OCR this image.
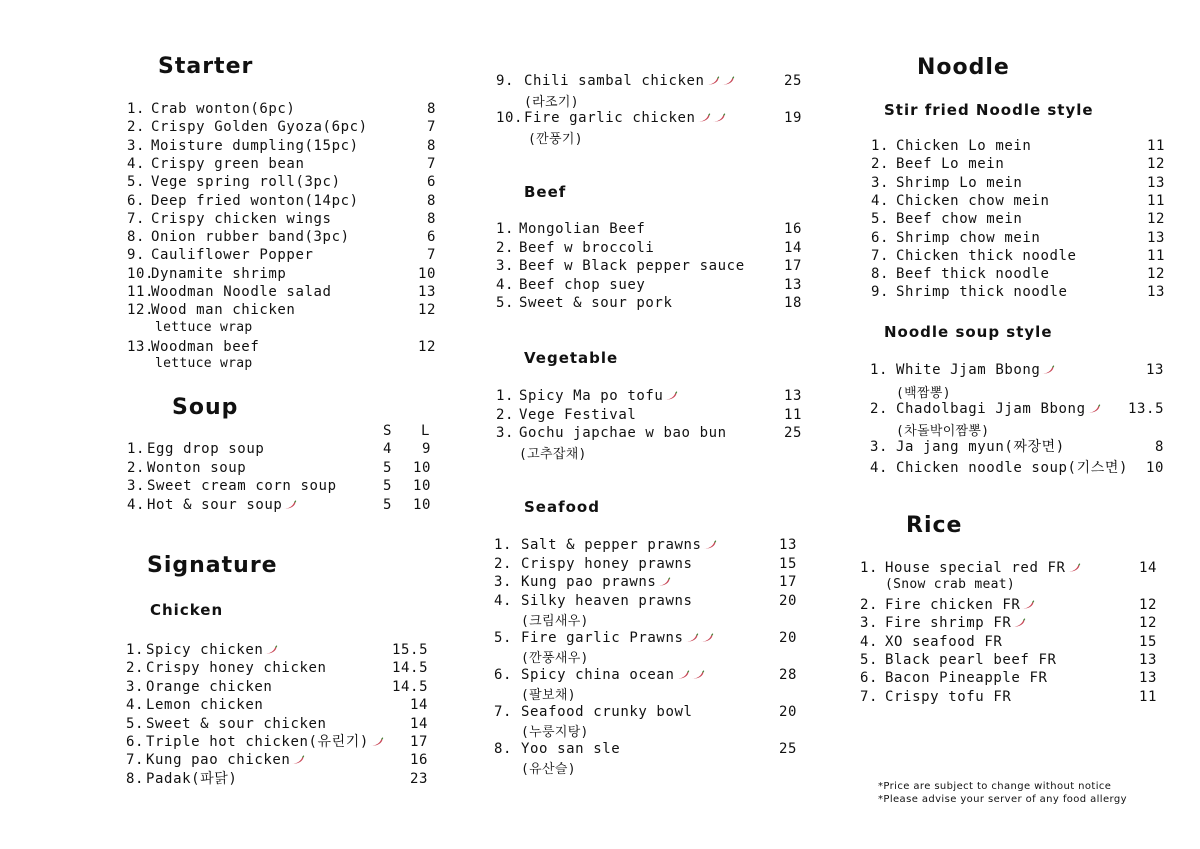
Starter
Soup
S L
Signature
Chicken
Beef
Vegetable
Seafood
Noodle
Stir fried Noodle style
Noodle soup style
Rice
*Price are subject to change without notice
*Please advise your server of any food allergy
1. Crab wonton(6pc)	8
2. Crispy Golden Gyoza(6pc)	7
3. Moisture dumpling(15pc)	8
4. Crispy green bean	7
5. Vege spring roll(3pc)	6
6. Deep fried wonton(14pc)	8
7. Crispy chicken wings	8
8. Onion rubber band(3pc)	6
9. Cauliflower Popper	7
10.Dynamite shrimp	10
11.Woodman Noodle salad	13
12.Wood man chicken	12
lettuce wrap
13.Woodman beef	12
lettuce wrap
1. Egg drop soup	4 9
2. Wonton soup	5 10
3. Sweet cream corn soup	5 10
4. Hot & sour soup	5 10
1. Spicy chicken	15.5
2. Crispy honey chicken	14.5
3. Orange chicken	14.5
4. Lemon chicken	14
5. Sweet & sour chicken	14
6. Triple hot chicken(유린기)	17
7. Kung pao chicken	16
8. Padak(파닭)	23
9. Chili sambal chicken	25
(라조기)
10.Fire garlic chicken	19
(깐풍기)
1. Mongolian Beef	16
2. Beef w broccoli	14
3. Beef w Black pepper sauce	17
4. Beef chop suey	13
5. Sweet & sour pork	18
1. Spicy Ma po tofu	13
2. Vege Festival	11
3. Gochu japchae w bao bun	25
(고추잡채)
1. Salt & pepper prawns	13
2. Crispy honey prawns	15
3. Kung pao prawns	17
4. Silky heaven prawns	20
(크림새우)
5. Fire garlic Prawns	20
(깐풍새우)
6. Spicy china ocean	28
(팔보채)
7. Seafood crunky bowl	20
(누룽지탕)
8. Yoo san sle	25
(유산슬)
1. Chicken Lo mein	11
2. Beef Lo mein	12
3. Shrimp Lo mein	13
4. Chicken chow mein	11
5. Beef chow mein	12
6. Shrimp chow mein	13
7. Chicken thick noodle	11
8. Beef thick noodle	12
9. Shrimp thick noodle	13
1. White Jjam Bbong	13
(백짬뽕)
2. Chadolbagi Jjam Bbong	13.5
(차돌박이짬뽕)
3. Ja jang myun(짜장면)	8
4. Chicken noodle soup(기스면) 10
1. House special red FR	14
(Snow crab meat)
2. Fire chicken FR	12
3. Fire shrimp FR	12
4. XO seafood FR	15
5. Black pearl beef FR	13
6. Bacon Pineapple FR	13
7. Crispy tofu FR	11
